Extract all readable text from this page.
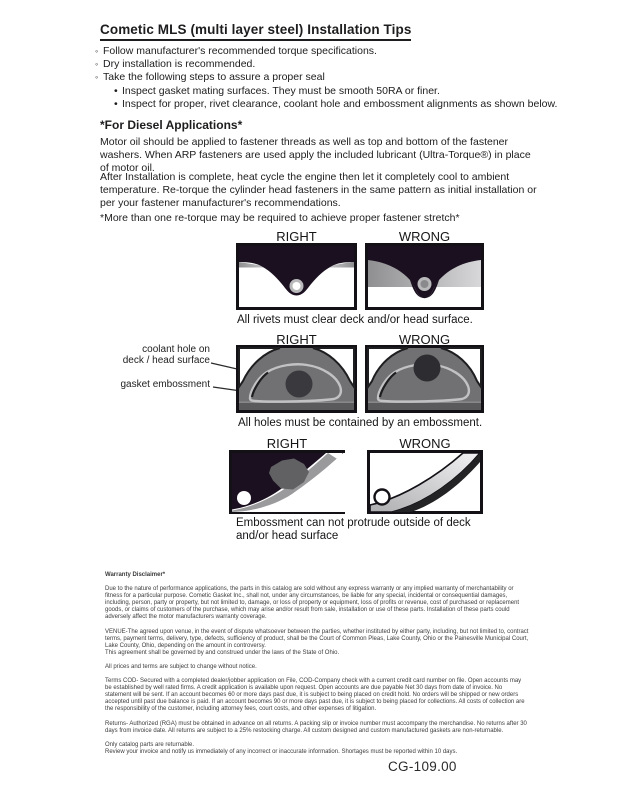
Cometic MLS (multi layer steel) Installation Tips
◦ Follow manufacturer's recommended torque specifications.
◦ Dry installation is recommended.
◦ Take the following steps to assure a proper seal
• Inspect gasket mating surfaces. They must be smooth 50RA or finer.
• Inspect for proper, rivet clearance, coolant hole and embossment alignments as shown below.
*For Diesel Applications*
Motor oil should be applied to fastener threads as well as top and bottom of the fastener washers. When ARP fasteners are used apply the included lubricant (Ultra-Torque®) in place of motor oil.
After Installation is complete, heat cycle the engine then let it completely cool to ambient temperature. Re-torque the cylinder head fasteners in the same pattern as initial installation or per your fastener manufacturer's recommendations.
*More than one re-torque may be required to achieve proper fastener stretch*
RIGHT	WRONG
All rivets must clear deck and/or head surface.
RIGHT	WRONG
coolant hole on
deck / head surface
gasket embossment
All holes must be contained by an embossment.
RIGHT	WRONG
Embossment can not protrude outside of deck
and/or head surface
Warranty Disclaimer*

Due to the nature of performance applications, the parts in this catalog are sold without any express warranty or any implied warranty of merchantability or fitness for a particular purpose. Cometic Gasket Inc., shall not, under any circumstances, be liable for any special, incidental or consequential damages, including, person, party or property, but not limited to, damage, or loss of property or equipment, loss of profits or revenue, cost of purchased or replacement goods, or claims of customers of the purchase, which may arise and/or result from sale, installation or use of these parts. Installation of these parts could adversely affect the motor manufacturers warranty coverage.

VENUE-The agreed upon venue, in the event of dispute whatsoever between the parties, whether instituted by either party, including, but not limited to, contract terms, payment terms, delivery, type, defects, sufficiency of product, shall be the Court of Common Pleas, Lake County, Ohio or the Painesville Municipal Court, Lake County, Ohio, depending on the amount in controversy.

This agreement shall be governed by and construed under the laws of the State of Ohio.

All prices and terms are subject to change without notice.

Terms COD- Secured with a completed dealer/jobber application on File, COD-Company check with a current credit card number on file. Open accounts may be established by well rated firms. A credit application is available upon request. Open accounts are due payable Net 30 days from date of invoice. No statement will be sent. If an account becomes 60 or more days past due, it is subject to being placed on credit hold. No orders will be shipped or new orders accepted until past due balance is paid. If an account becomes 90 or more days past due, it is subject to being placed for collections. All costs of collection are the responsibility of the customer, including attorney fees, court costs, and other expenses of litigation.

Returns- Authorized (RGA) must be obtained in advance on all returns. A packing slip or invoice number must accompany the merchandise. No returns after 30 days from invoice date. All returns are subject to a 25% restocking charge. All custom designed and custom manufactured gaskets are non-returnable.

Only catalog parts are returnable.

Review your invoice and notify us immediately of any incorrect or inaccurate information. Shortages must be reported within 10 days.

CG-109.00
